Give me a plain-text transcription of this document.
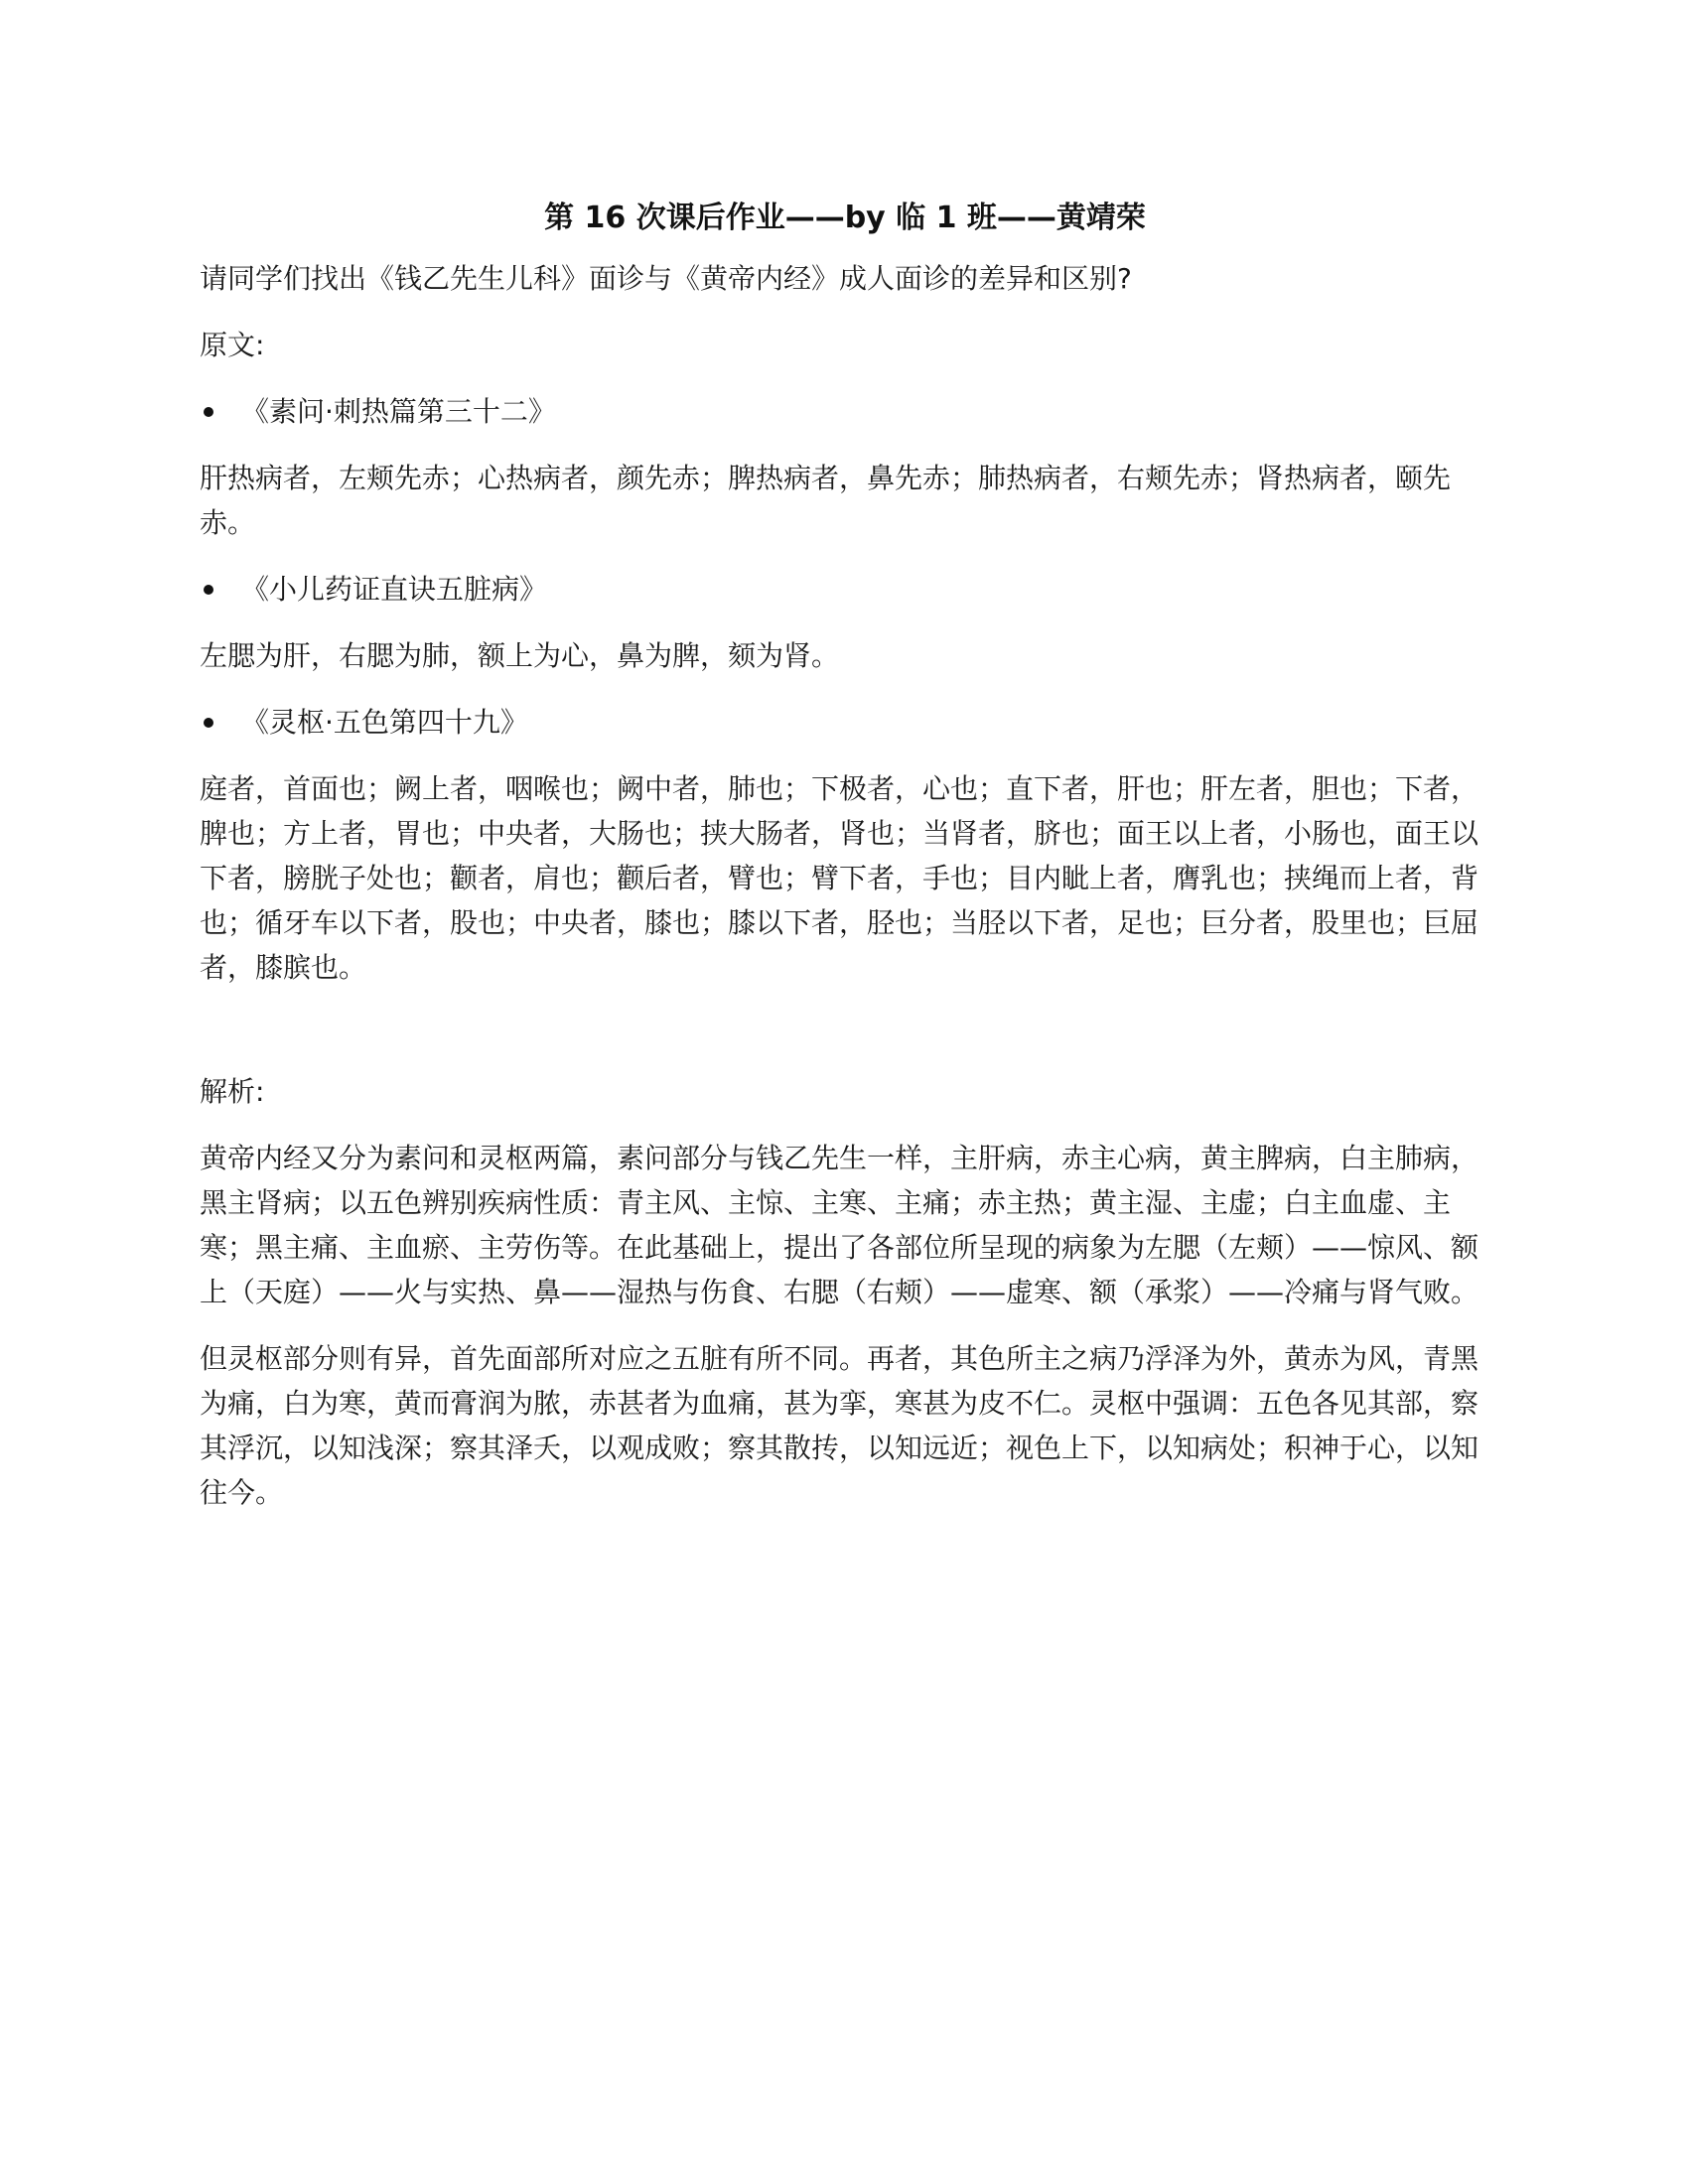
第 16 次课后作业——by 临 1 班——黄靖荣
请同学们找出《钱乙先生儿科》面诊与《黄帝内经》成人面诊的差异和区别?
原文:
《素问·刺热篇第三十二》
肝热病者，左颊先赤；心热病者，颜先赤；脾热病者，鼻先赤；肺热病者，右颊先赤；肾热病者，颐先赤。
《小儿药证直诀五脏病》
左腮为肝，右腮为肺，额上为心，鼻为脾，颏为肾。
《灵枢·五色第四十九》
庭者，首面也；阙上者，咽喉也；阙中者，肺也；下极者，心也；直下者，肝也；肝左者，胆也；下者，脾也；方上者，胃也；中央者，大肠也；挟大肠者，肾也；当肾者，脐也；面王以上者，小肠也，面王以下者，膀胱子处也；颧者，肩也；颧后者，臂也；臂下者，手也；目内眦上者，膺乳也；挟绳而上者，背也；循牙车以下者，股也；中央者，膝也；膝以下者，胫也；当胫以下者，足也；巨分者，股里也；巨屈者，膝膑也。
解析:
黄帝内经又分为素问和灵枢两篇，素问部分与钱乙先生一样，主肝病，赤主心病，黄主脾病，白主肺病，黑主肾病；以五色辨别疾病性质：青主风、主惊、主寒、主痛；赤主热；黄主湿、主虚；白主血虚、主寒；黑主痛、主血瘀、主劳伤等。在此基础上，提出了各部位所呈现的病象为左腮（左颊）——惊风、额上（天庭）——火与实热、鼻——湿热与伤食、右腮（右颊）——虚寒、额（承浆）——冷痛与肾气败。
但灵枢部分则有异，首先面部所对应之五脏有所不同。再者，其色所主之病乃浮泽为外，黄赤为风，青黑为痛，白为寒，黄而膏润为脓，赤甚者为血痛，甚为挛，寒甚为皮不仁。灵枢中强调：五色各见其部，察其浮沉，以知浅深；察其泽夭，以观成败；察其散抟，以知远近；视色上下，以知病处；积神于心，以知往今。
